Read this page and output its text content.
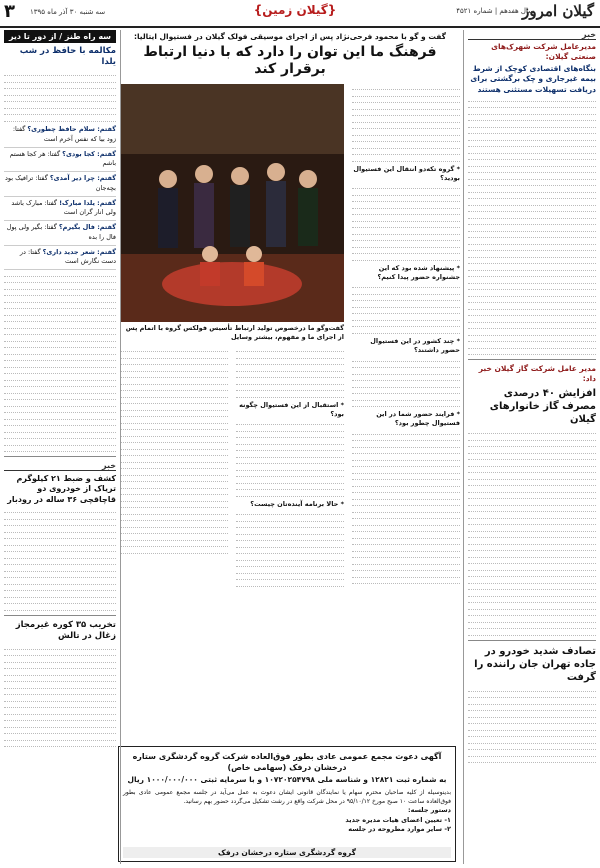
گیلان امروز
سال هفدهم | شماره ۴۵۲۱
{گیلان زمین}
سه شنبه ۳۰ آذر ماه ۱۳۹۵
۳
خبر
مدیرعامل شرکت شهرک‌های صنعتی گیلان:
بنگاه‌های اقتصادی کوچک از شرط بیمه غیرجاری و چک برگشتی برای دریافت تسهیلات مستثنی هستند
مدیر عامل شرکت گاز گیلان خبر داد:
افزایش ۴۰ درصدی مصرف گاز خانوارهای گیلان
تصادف شدید خودرو در جاده تهران جان راننده را گرفت
گفت و گو با محمود فرحی‌نژاد پس از اجرای موسیقی فولک گیلان در فستیوال ایتالیا:
فرهنگ ما این توان را دارد که با دنیا ارتباط برقرار کند
* گروه تکه‌دو انتقال این فستیوال بودید؟
* پیشنهاد شده بود که این جشنواره حضور پیدا کنیم؟
* چند کشور در این فستیوال حضور داشتند؟
* فرایند حضور شما در این فستیوال چطور بود؟
گفت‌وگو ما درخصوص تولید ارتباط تأسیس فولکس گروه با اتمام پس از اجرای ما و مفهوم، بیشتر وسایل
* استقبال از این فستیوال چگونه بود؟
* حالا برنامه آینده‌تان چیست؟
آگهی دعوت مجمع عمومی عادی بطور فوق‌العاده شرکت گروه گردشگری ستاره درخشان درفک (سهامی خاص)
به شماره ثبت ۱۲۸۲۱ و شناسه ملی ۱۰۷۲۰۲۵۴۷۹۸ و با سرمایه ثبتی ۱۰۰۰/۰۰۰/۰۰۰ ریال
بدینوسیله از کلیه صاحبان محترم سهام یا نمایندگان قانونی ایشان دعوت به عمل می‌آید در جلسه مجمع عمومی عادی بطور فوق‌العاده ساعت ۱۰ صبح مورخ ۹۵/۱۰/۱۲ در محل شرکت واقع در رشت تشکیل می‌گردد حضور بهم رسانید.
دستور جلسه:
۱- تعیین اعضای هیات مدیره جدید
۲- سایر موارد مطروحه در جلسه
گروه گردشگری ستاره درخشان درفک
سه راه طنز / از دور تا دیر
مکالمه با حافظ در شب یلدا
گفتم: سلام حافظ چطوری؟ گفتا: زود بیا که نفس آخرم است
گفتم: کجا بودی؟ گفتا: هر کجا هستم باشم
گفتم: چرا دیر آمدی؟ گفتا: ترافیک بود بچه‌جان
گفتم: یلدا مبارک! گفتا: مبارک باشد ولی انار گران است
گفتم: فال بگیرم؟ گفتا: بگیر ولی پول فال را بده
گفتم: شعر جدید داری؟ گفتا: در دست نگارش است
خبر
کشف و ضبط ۲۱ کیلوگرم تریاک از خودروی دو قاچاقچی ۳۶ ساله در رودبار
تخریب ۳۵ کوره غیرمجاز زغال در تالش
